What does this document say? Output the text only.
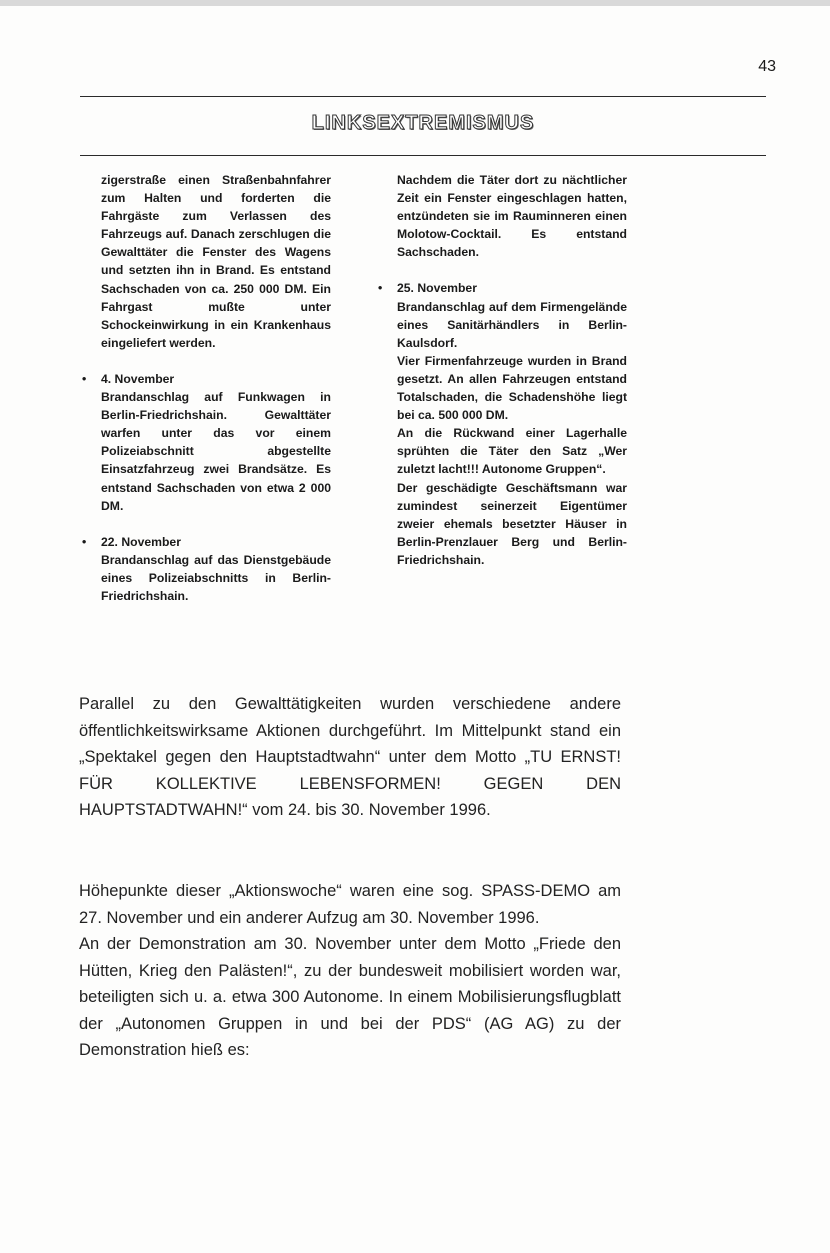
43
LINKSEXTREMISMUS

zigerstraße einen Straßenbahnfahrer zum Halten und forderten die Fahrgäste zum Verlassen des Fahrzeugs auf. Danach zerschlugen die Gewalttäter die Fenster des Wagens und setzten ihn in Brand. Es entstand Sachschaden von ca. 250 000 DM. Ein Fahrgast mußte unter Schockeinwirkung in ein Krankenhaus eingeliefert werden.

• 4. November

Brandanschlag auf Funkwagen in Berlin-Friedrichshain. Gewalttäter warfen unter das vor einem Polizeiabschnitt abgestellte Einsatzfahrzeug zwei Brandsätze. Es entstand Sachschaden von etwa 2 000 DM.

• 22. November

Brandanschlag auf das Dienstgebäude eines Polizeiabschnitts in Berlin-Friedrichshain.

Nachdem die Täter dort zu nächtlicher Zeit ein Fenster eingeschlagen hatten, entzündeten sie im Rauminneren einen Molotow-Cocktail. Es entstand Sachschaden.

• 25. November

Brandanschlag auf dem Firmengelände eines Sanitärhändlers in Berlin-Kaulsdorf.

Vier Firmenfahrzeuge wurden in Brand gesetzt. An allen Fahrzeugen entstand Totalschaden, die Schadenshöhe liegt bei ca. 500 000 DM.

An die Rückwand einer Lagerhalle sprühten die Täter den Satz „Wer zuletzt lacht!!! Autonome Gruppen“.

Der geschädigte Geschäftsmann war zumindest seinerzeit Eigentümer zweier ehemals besetzter Häuser in Berlin-Prenzlauer Berg und Berlin-Friedrichshain.

Parallel zu den Gewalttätigkeiten wurden verschiedene andere öffentlichkeitswirksame Aktionen durchgeführt. Im Mittelpunkt stand ein „Spektakel gegen den Hauptstadtwahn“ unter dem Motto „TU ERNST! FÜR KOLLEKTIVE LEBENSFORMEN! GEGEN DEN HAUPTSTADTWAHN!“ vom 24. bis 30. November 1996.

Höhepunkte dieser „Aktionswoche“ waren eine sog. SPASS-DEMO am 27. November und ein anderer Aufzug am 30. November 1996.

An der Demonstration am 30. November unter dem Motto „Friede den Hütten, Krieg den Palästen!“, zu der bundesweit mobilisiert worden war, beteiligten sich u. a. etwa 300 Autonome. In einem Mobilisierungsflugblatt der „Autonomen Gruppen in und bei der PDS“ (AG AG) zu der Demonstration hieß es:
